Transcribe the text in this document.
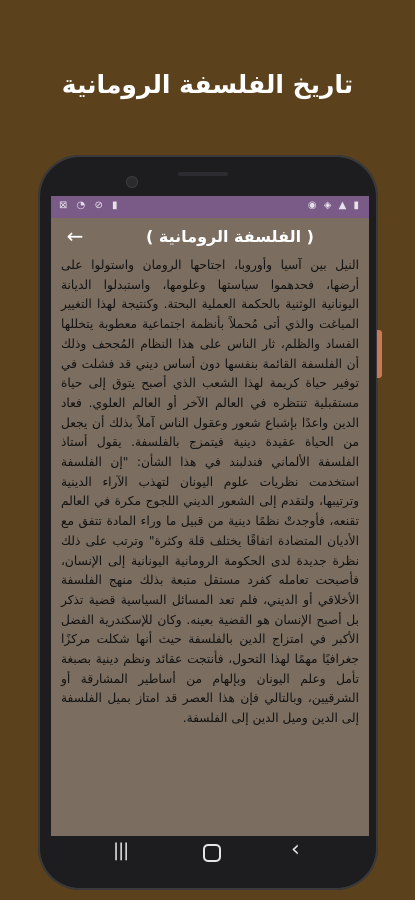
تاريخ الفلسفة الرومانية
⊠ ◔ ⊘ ▮	◉ ◈ ▲ ▮
←	( الفلسفة الرومانية )
النيل بين آسيا وأوروبا، اجتاحها الرومان واستولوا على أرضها، فحدهموا سياستها وعلومها، واستبدلوا الديانة اليونانية الوثنية بالحكمة العملية البحتة. وكنتيجة لهذا التغيير المباغت والذي أتى مُحملاً بأنظمة اجتماعية معطوبة يتخللها الفساد والظلم، ثار الناس على هذا النظام المُجحف وذلك أن الفلسفة القائمة بنفسها دون أساس ديني قد فشلت في توفير حياة كريمة لهذا الشعب الذي أصبح يتوق إلى حياة مستقبلية تنتظره في العالم الآخر أو العالم العلوي. فعاد الدين واعدًا بإشباع شعور وعقول الناس آملاً بذلك أن يجعل من الحياة عقيدة دينية فيتمزج بالفلسفة. يقول أستاذ الفلسفة الألماني فندلبند في هذا الشأن: "إن الفلسفة استخدمت نظريات علوم اليونان لتهذب الآراء الدينية وترتيبها، ولتقدم إلى الشعور الديني اللجوج مكرة في العالم تقنعه، فأوجدتْ نظمًا دينية من قبيل ما وراء المادة تتفق مع الأديان المتضادة اتفاقًا يختلف قلة وكثرة" وترتب على ذلك نظرة جديدة لدى الحكومة الرومانية اليونانية إلى الإنسان، فأصبحت تعامله كفرد مستقل متبعة بذلك منهج الفلسفة الأخلاقي أو الديني، فلم تعد المسائل السياسية قضية تذكر بل أصبح الإنسان هو القضية بعينه. وكان للإسكندرية الفضل الأكبر في امتزاج الدين بالفلسفة حيث أنها شكلت مركزًا جغرافيًا مهمًا لهذا التحول، فأنتجت عقائد ونظم دينية بصبغة تأمل وعلم اليونان وبإلهام من أساطير المشارقة أو الشرقيين، وبالتالي فإن هذا العصر قد امتاز بميل الفلسفة إلى الدين وميل الدين إلى الفلسفة.
|||	‹
